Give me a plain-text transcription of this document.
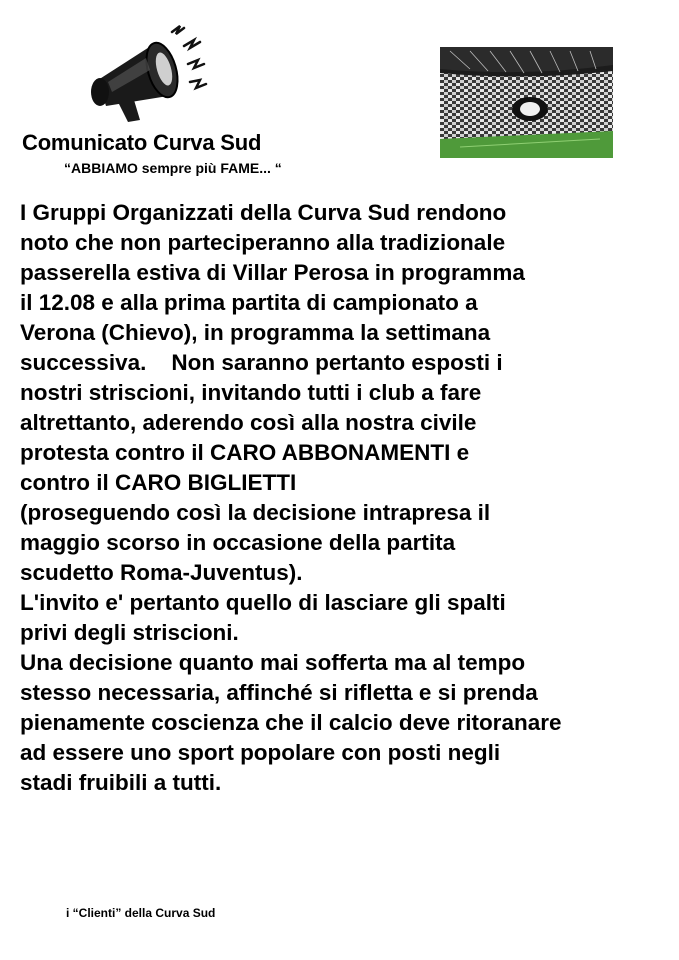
Comunicato Curva Sud
“ABBIAMO sempre più FAME... “
I Gruppi Organizzati della Curva Sud rendono
noto che non parteciperanno alla tradizionale
passerella estiva di Villar Perosa in programma
il 12.08 e alla prima partita di campionato a
Verona (Chievo), in programma la settimana
successiva.    Non saranno pertanto esposti i
nostri striscioni, invitando tutti i club a fare
altrettanto, aderendo così alla nostra civile
protesta contro il CARO ABBONAMENTI e
contro il CARO BIGLIETTI
(proseguendo così la decisione intrapresa il
maggio scorso in occasione della partita
scudetto Roma-Juventus).
L'invito e' pertanto quello di lasciare gli spalti
privi degli striscioni.
Una decisione quanto mai sofferta ma al tempo
stesso necessaria, affinché si rifletta e si prenda
pienamente coscienza che il calcio deve ritoranare
ad essere uno sport popolare con posti negli
stadi fruibili a tutti.
i “Clienti” della Curva Sud
